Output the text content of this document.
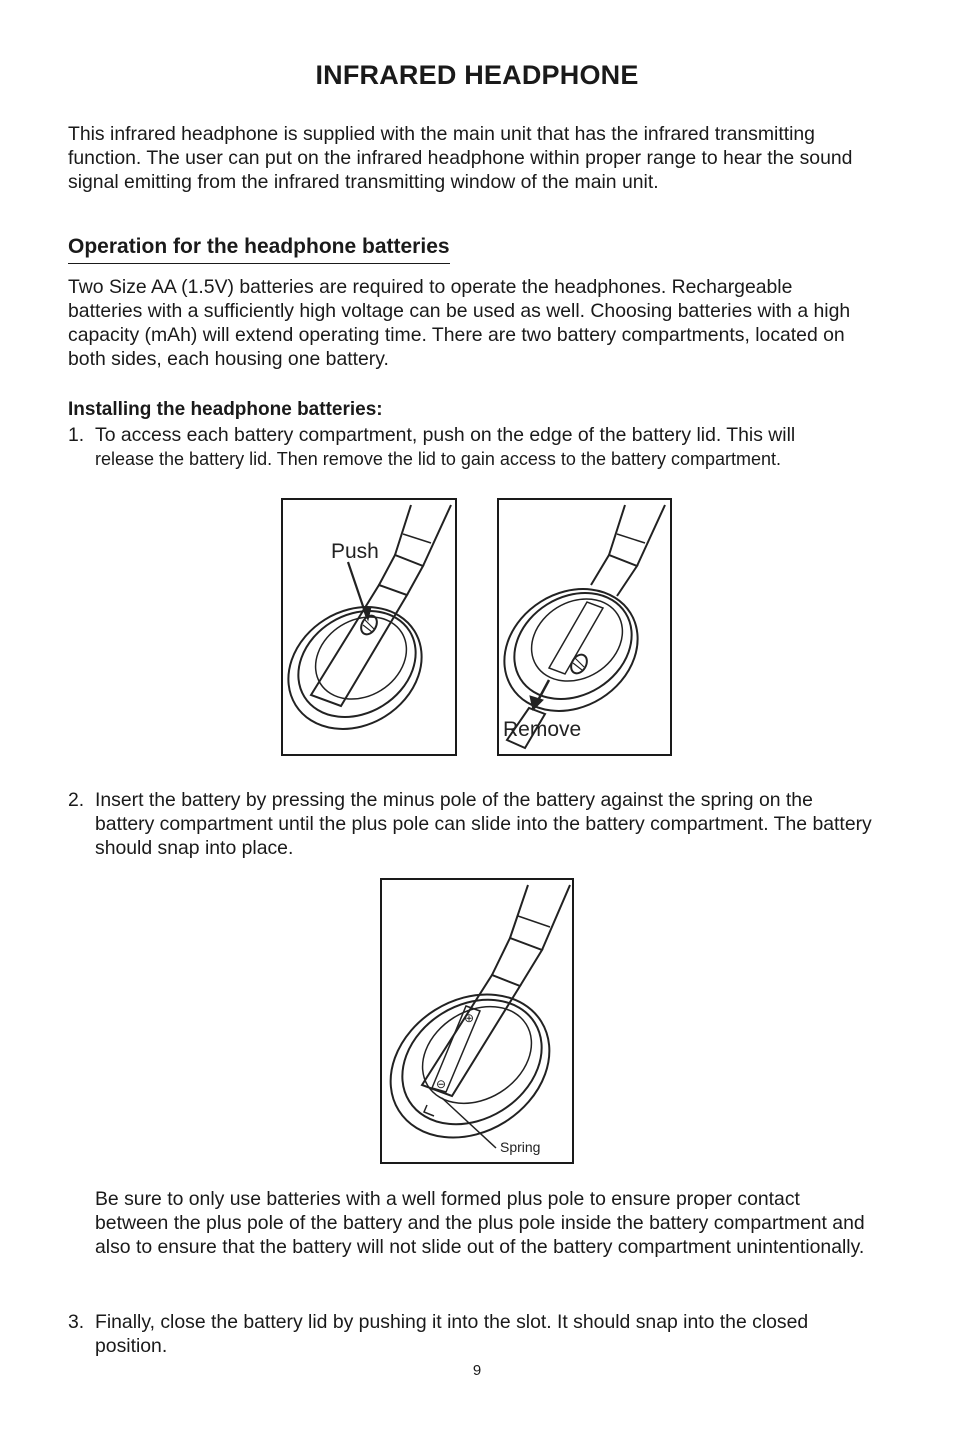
INFRARED HEADPHONE

This infrared headphone is supplied with the main unit that has the infrared transmitting function. The user can put on the infrared headphone within proper range to hear the sound signal emitting from the infrared transmitting window of the main unit.

Operation for the headphone batteries

Two Size AA (1.5V) batteries are required to operate the headphones. Rechargeable batteries with a sufficiently high voltage can be used as well. Choosing batteries with a high capacity (mAh) will extend operating time. There are two battery compartments, located on both sides, each housing one battery.

Installing the headphone batteries:
1. To access each battery compartment, push on the edge of the battery lid. This will
release the battery lid. Then remove the lid to gain access to the battery compartment.
Push
Remove
2. Insert the battery by pressing the minus pole of the battery against the spring on the battery compartment until the plus pole can slide into the battery compartment. The battery should snap into place.
⊕
⊖
Spring

Be sure to only use batteries with a well formed plus pole to ensure proper contact between the plus pole of the battery and the plus pole inside the battery compartment and also to ensure that the battery will not slide out of the battery compartment unintentionally.

3. Finally, close the battery lid by pushing it into the slot. It should snap into the closed position.
9
